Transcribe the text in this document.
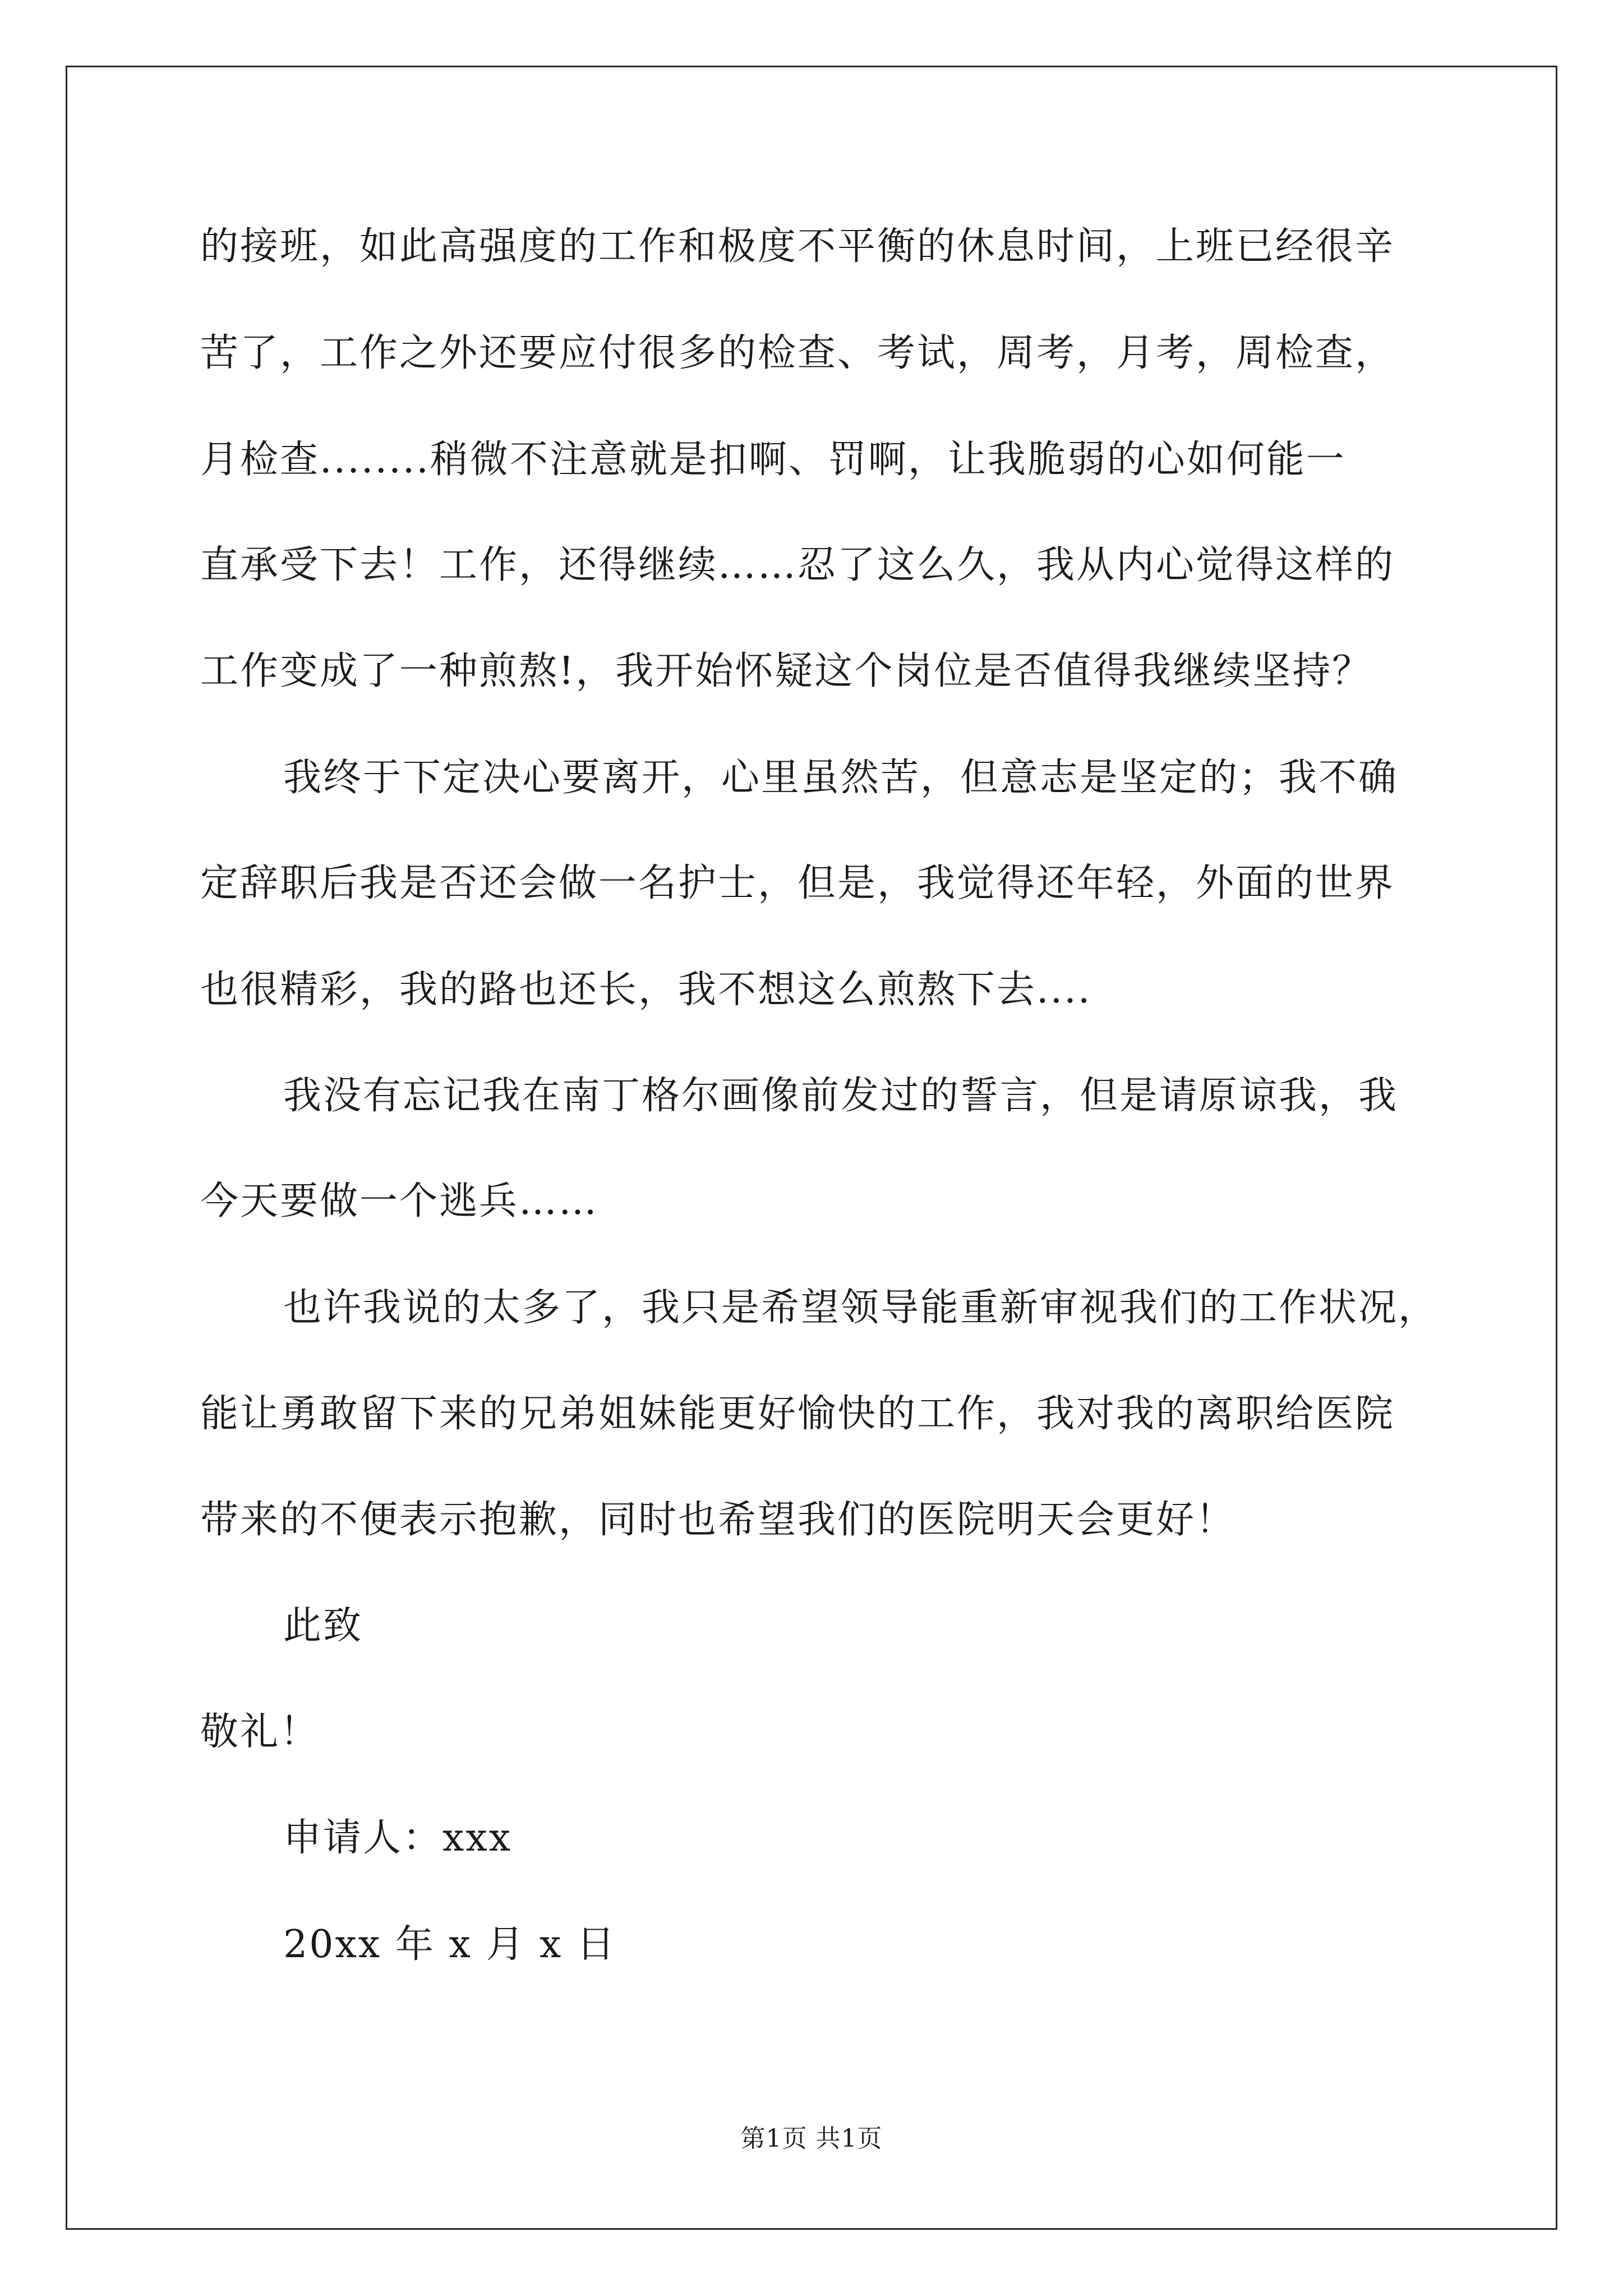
的接班，如此高强度的工作和极度不平衡的休息时间，上班已经很辛
苦了，工作之外还要应付很多的检查、考试，周考，月考，周检查，
月检查........稍微不注意就是扣啊、罚啊，让我脆弱的心如何能一
直承受下去！工作，还得继续……忍了这么久，我从内心觉得这样的
工作变成了一种煎熬!，我开始怀疑这个岗位是否值得我继续坚持？
我终于下定决心要离开，心里虽然苦，但意志是坚定的；我不确
定辞职后我是否还会做一名护士，但是，我觉得还年轻，外面的世界
也很精彩，我的路也还长，我不想这么煎熬下去....
我没有忘记我在南丁格尔画像前发过的誓言，但是请原谅我，我
今天要做一个逃兵……
也许我说的太多了，我只是希望领导能重新审视我们的工作状况，
能让勇敢留下来的兄弟姐妹能更好愉快的工作，我对我的离职给医院
带来的不便表示抱歉，同时也希望我们的医院明天会更好！
此致
敬礼！
申请人：xxx
20xx 年 x 月 x 日
第1页 共1页
